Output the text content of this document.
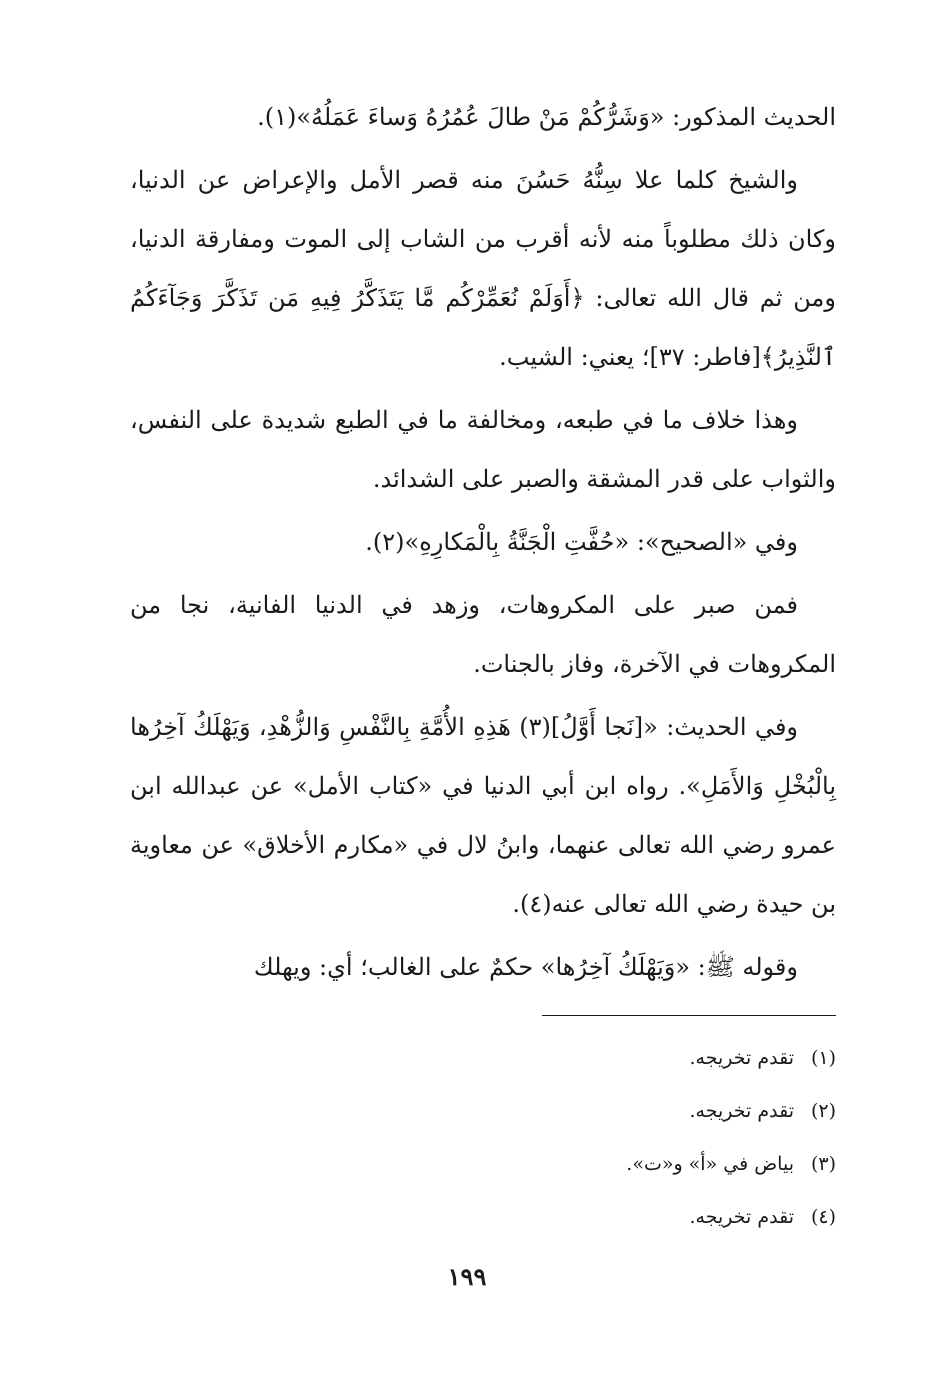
الحديث المذكور: «وَشَرُّكُمْ مَنْ طالَ عُمُرُهُ وَساءَ عَمَلُهُ»(١).

والشيخ كلما علا سِنُّهُ حَسُنَ منه قصر الأمل والإعراض عن الدنيا، وكان ذلك مطلوباً منه لأنه أقرب من الشاب إلى الموت ومفارقة الدنيا، ومن ثم قال الله تعالى: ﴿أَوَلَمْ نُعَمِّرْكُم مَّا يَتَذَكَّرُ فِيهِ مَن تَذَكَّرَ وَجَآءَكُمُ ٱلنَّذِيرُ﴾[فاطر: ٣٧]؛ يعني: الشيب.

وهذا خلاف ما في طبعه، ومخالفة ما في الطبع شديدة على النفس، والثواب على قدر المشقة والصبر على الشدائد.

وفي «الصحيح»: «حُفَّتِ الْجَنَّةُ بِالْمَكارِهِ»(٢).

فمن صبر على المكروهات، وزهد في الدنيا الفانية، نجا من المكروهات في الآخرة، وفاز بالجنات.

وفي الحديث: «[نَجا أَوَّلُ](٣) هَذِهِ الأُمَّةِ بِالنَّفْسِ وَالزُّهْدِ، وَيَهْلَكُ آخِرُها بِالْبُخْلِ وَالأَمَلِ». رواه ابن أبي الدنيا في «كتاب الأمل» عن عبدالله ابن عمرو رضي الله تعالى عنهما، وابنُ لال في «مكارم الأخلاق» عن معاوية بن حيدة رضي الله تعالى عنه(٤).

وقوله ﷺ: «وَيَهْلَكُ آخِرُها» حكمٌ على الغالب؛ أي: ويهلك

(١)
تقدم تخريجه.
(٢)
تقدم تخريجه.
(٣)
بياض في «أ» و«ت».
(٤)
تقدم تخريجه.
١٩٩
